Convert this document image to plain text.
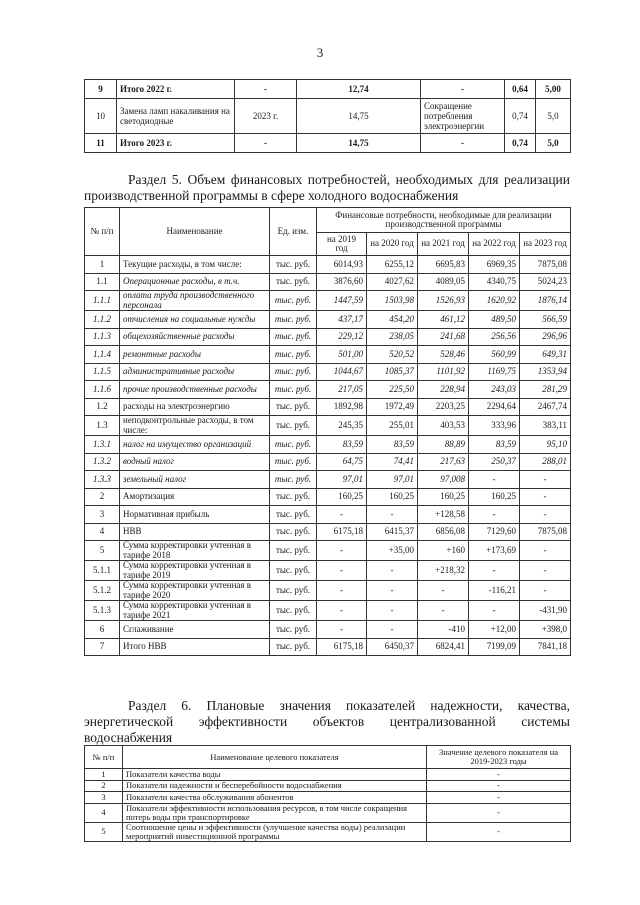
3
9	Итого 2022 г.	-	12,74	-	0,64	5,00
10	Замена ламп накаливания на светодиодные	2023 г.	14,75	Сокращение потребления электроэнергии	0,74	5,0
11	Итого 2023 г.	-	14,75	-	0,74	5,0
Раздел 5. Объем финансовых потребностей, необходимых для реализации производственной программы в сфере холодного водоснабжения
№ п/п	Наименование	Ед. изм.	Финансовые потребности, необходимые для реализации производственной программы				
			на 2019 год	на 2020 год	на 2021 год	на 2022 год	на 2023 год
1	Текущие расходы, в том числе:	тыс. руб.	6014,93	6255,12	6695,83	6969,35	7875,08
1.1	Операционные расходы, в т.ч.	тыс. руб.	3876,60	4027,62	4089,05	4340,75	5024,23
1.1.1	оплата труда производственного персонала	тыс. руб.	1447,59	1503,98	1526,93	1620,92	1876,14
1.1.2	отчисления на социальные нужды	тыс. руб.	437,17	454,20	461,12	489,50	566,59
1.1.3	общехозяйственные расходы	тыс. руб.	229,12	238,05	241,68	256,56	296,96
1.1.4	ремонтные расходы	тыс. руб.	501,00	520,52	528,46	560,99	649,31
1.1.5	административные расходы	тыс. руб.	1044,67	1085,37	1101,92	1169,75	1353,94
1.1.6	прочие производственные расходы	тыс. руб.	217,05	225,50	228,94	243,03	281,29
1.2	расходы на электроэнергию	тыс. руб.	1892,98	1972,49	2203,25	2294,64	2467,74
1.3	неподконтрольные расходы, в том числе:	тыс. руб.	245,35	255,01	403,53	333,96	383,11
1.3.1	налог на имущество организаций	тыс. руб.	83,59	83,59	88,89	83,59	95,10
1.3.2	водный налог	тыс. руб.	64,75	74,41	217,63	250,37	288,01
1.3.3	земельный налог	тыс. руб.	97,01	97,01	97,008	-	-
2	Амортизация	тыс. руб.	160,25	160,25	160,25	160,25	-
3	Нормативная прибыль	тыс. руб.	-	-	+128,58	-	-
4	НВВ	тыс. руб.	6175,18	6415,37	6856,08	7129,60	7875,08
5	Сумма корректировки учтенная в тарифе 2018	тыс. руб.	-	+35,00	+160	+173,69	-
5.1.1	Сумма корректировки учтенная в тарифе 2019	тыс. руб.	-	-	+218,32	-	-
5.1.2	Сумма корректировки учтенная в тарифе 2020	тыс. руб.	-	-	-	-116,21	-
5.1.3	Сумма корректировки учтенная в тарифе 2021	тыс. руб.	-	-	-	-	-431,90
6	Сглаживание	тыс. руб.	-	-	-410	+12,00	+398,0
7	Итого НВВ	тыс. руб.	6175,18	6450,37	6824,41	7199,09	7841,18
Раздел 6. Плановые значения показателей надежности, качества,
энергетической эффективности объектов централизованной системы
водоснабжения
№ п/п	Наименование целевого показателя	Значение целевого показателя на 2019-2023 годы
1	Показатели качества воды	-
2	Показатели надежности и бесперебойности водоснабжения	-
3	Показатели качества обслуживания абонентов	-
4	Показатели эффективности использования ресурсов, в том числе сокращения потерь воды при транспортировке	-
5	Соотношение цены и эффективности (улучшение качества воды) реализации мероприятий инвестиционной программы	-
